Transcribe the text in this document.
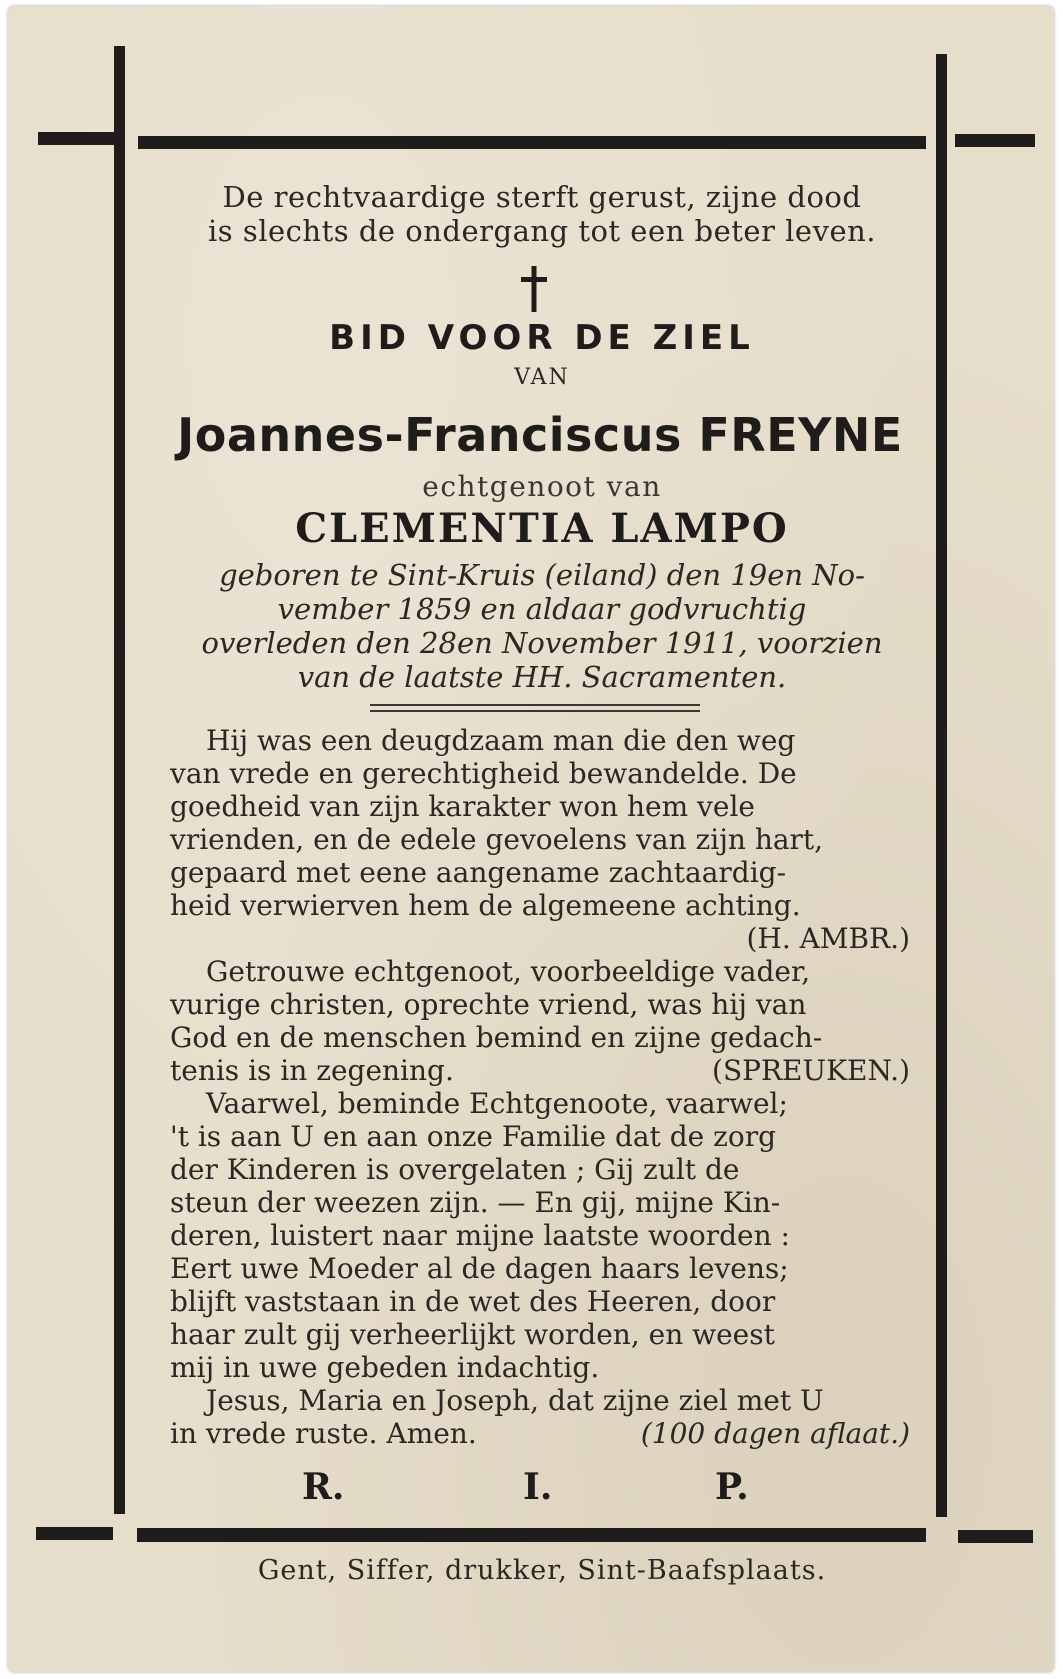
De rechtvaardige sterft gerust, zijne dood
is slechts de ondergang tot een beter leven.
BID VOOR DE ZIEL
VAN
Joannes-Franciscus FREYNE
echtgenoot van
CLEMENTIA LAMPO
geboren te Sint-Kruis (eiland) den 19en No-
vember 1859 en aldaar godvruchtig
overleden den 28en November 1911, voorzien
van de laatste HH. Sacramenten.
Hij was een deugdzaam man die den weg
van vrede en gerechtigheid bewandelde. De
goedheid van zijn karakter won hem vele
vrienden, en de edele gevoelens van zijn hart,
gepaard met eene aangename zachtaardig-
heid verwierven hem de algemeene achting.
(H. AMBR.)
Getrouwe echtgenoot, voorbeeldige vader,
vurige christen, oprechte vriend, was hij van
God en de menschen bemind en zijne gedach-
tenis is in zegening.	(SPREUKEN.)
Vaarwel, beminde Echtgenoote, vaarwel;
't is aan U en aan onze Familie dat de zorg
der Kinderen is overgelaten ; Gij zult de
steun der weezen zijn. — En gij, mijne Kin-
deren, luistert naar mijne laatste woorden :
Eert uwe Moeder al de dagen haars levens;
blijft vaststaan in de wet des Heeren, door
haar zult gij verheerlijkt worden, en weest
mij in uwe gebeden indachtig.
Jesus, Maria en Joseph, dat zijne ziel met U
in vrede ruste. Amen.	(100 dagen aflaat.)
R.	I.	P.
Gent, Siffer, drukker, Sint-Baafsplaats.
